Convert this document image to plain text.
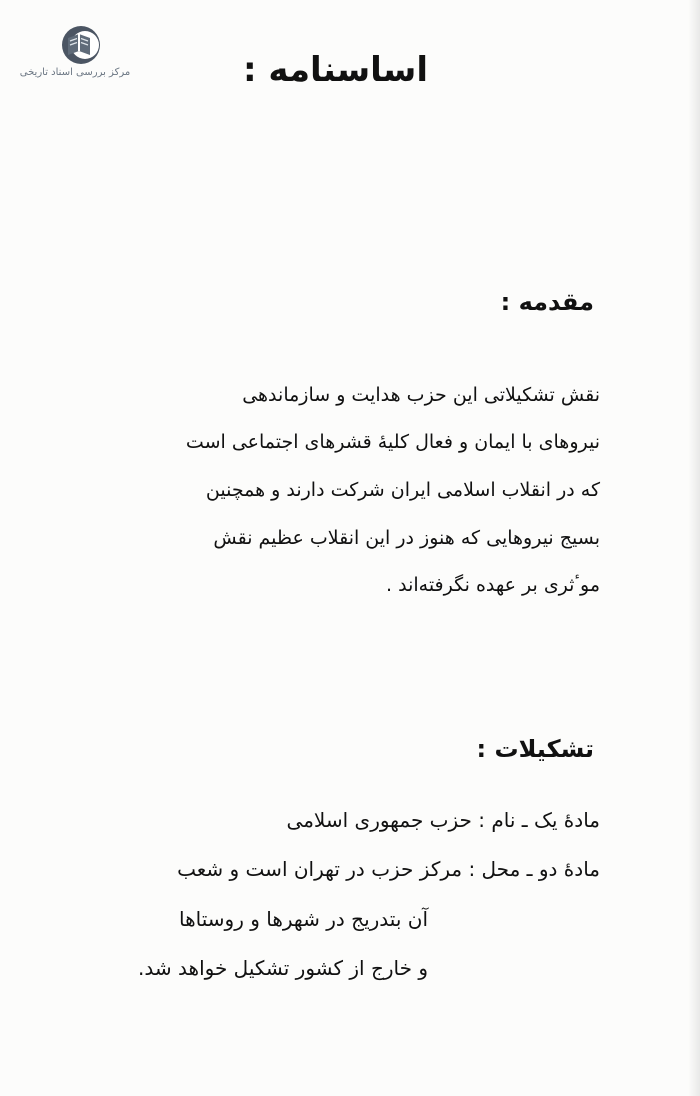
مرکز بررسی اسناد تاریخی	اساسنامه :
مقدمه :
نقش تشکیلاتی این حزب هدایت و سازماندهی
نیروهای با ایمان و فعال کلیهٔ قشرهای اجتماعی است
که در انقلاب اسلامی ایران شرکت دارند و همچنین
بسیج نیروهایی که هنوز در این انقلاب عظیم نقش
موٴثری بر عهده نگرفته‌اند .
تشکیلات :
مادهٔ یک ـ نام : حزب جمهوری اسلامی
مادهٔ دو ـ محل : مرکز حزب در تهران است و شعب
آن بتدریج در شهرها و روستاها
و خارج از کشور تشکیل خواهد شد.
